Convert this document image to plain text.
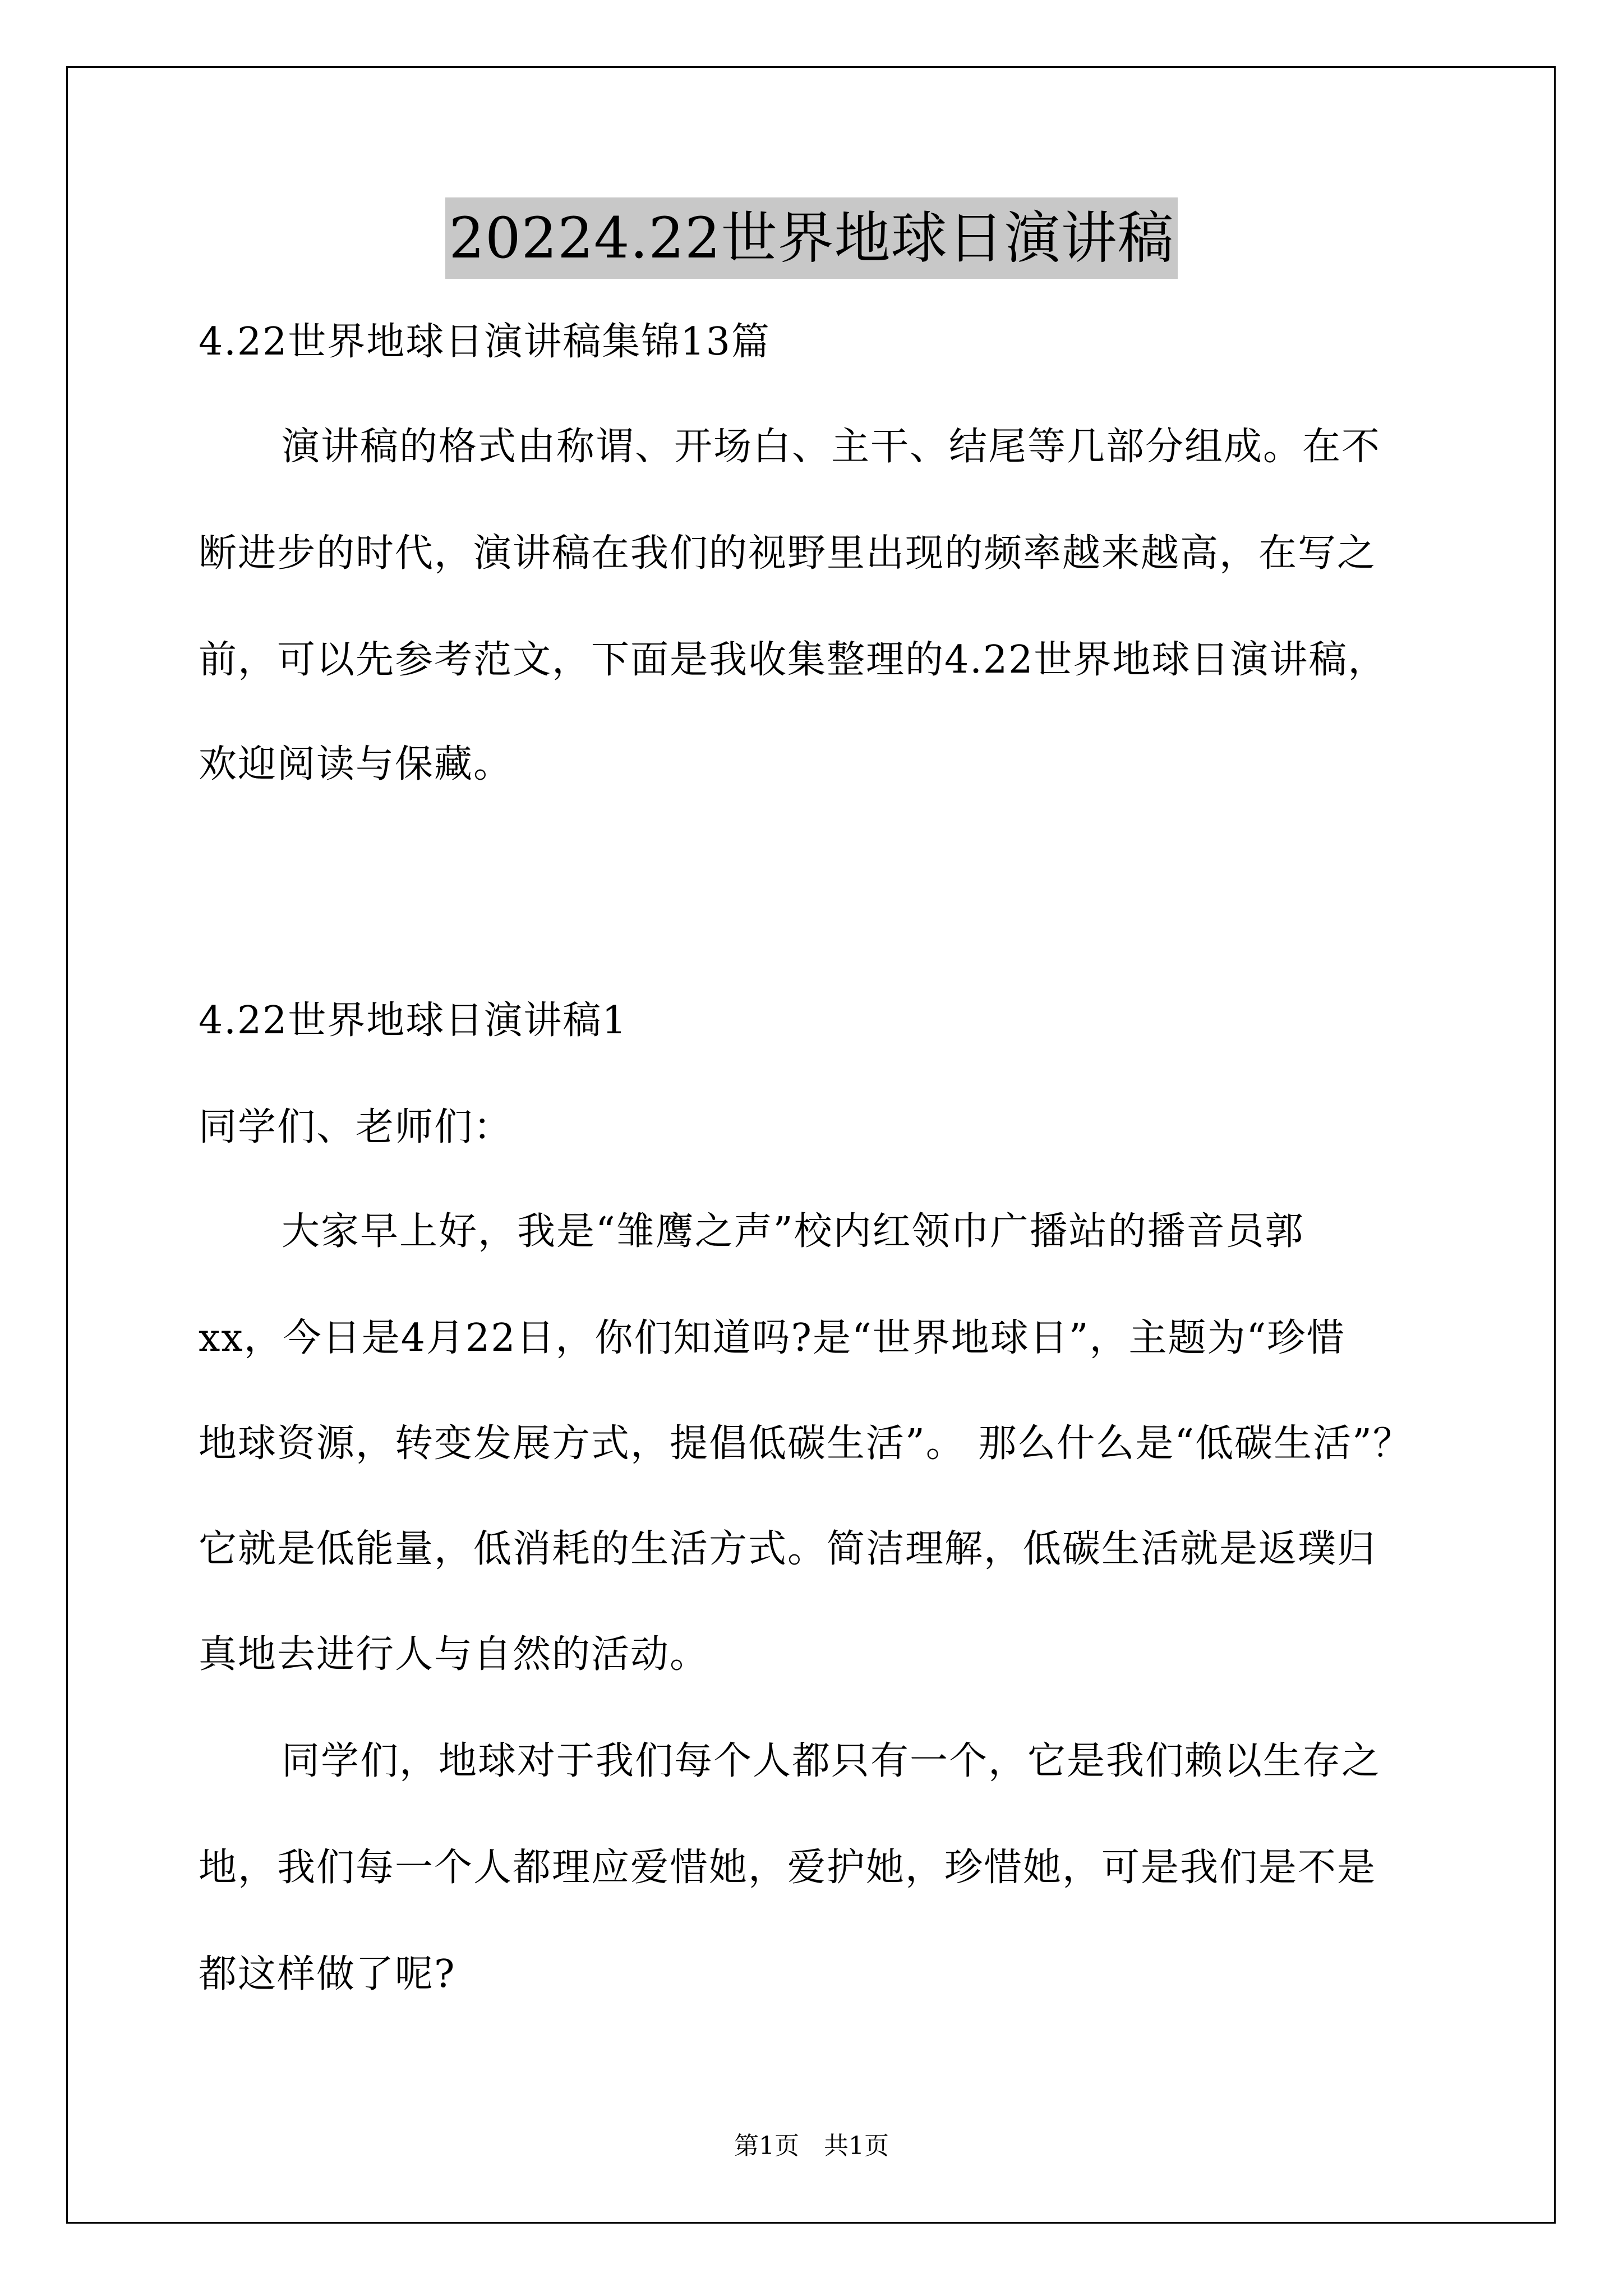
20224.22世界地球日演讲稿
4.22世界地球日演讲稿集锦13篇
演讲稿的格式由称谓、开场白、主干、结尾等几部分组成。在不
断进步的时代，演讲稿在我们的视野里出现的频率越来越高，在写之
前，可以先参考范文，下面是我收集整理的4.22世界地球日演讲稿，
欢迎阅读与保藏。
4.22世界地球日演讲稿1
同学们、老师们：
大家早上好，我是“雏鹰之声”校内红领巾广播站的播音员郭
xx，今日是4月22日，你们知道吗?是“世界地球日”，主题为“珍惜
地球资源，转变发展方式，提倡低碳生活”。 那么什么是“低碳生活”？
它就是低能量，低消耗的生活方式。简洁理解，低碳生活就是返璞归
真地去进行人与自然的活动。
同学们，地球对于我们每个人都只有一个，它是我们赖以生存之
地，我们每一个人都理应爱惜她，爱护她，珍惜她，可是我们是不是
都这样做了呢?
第1页 共1页
